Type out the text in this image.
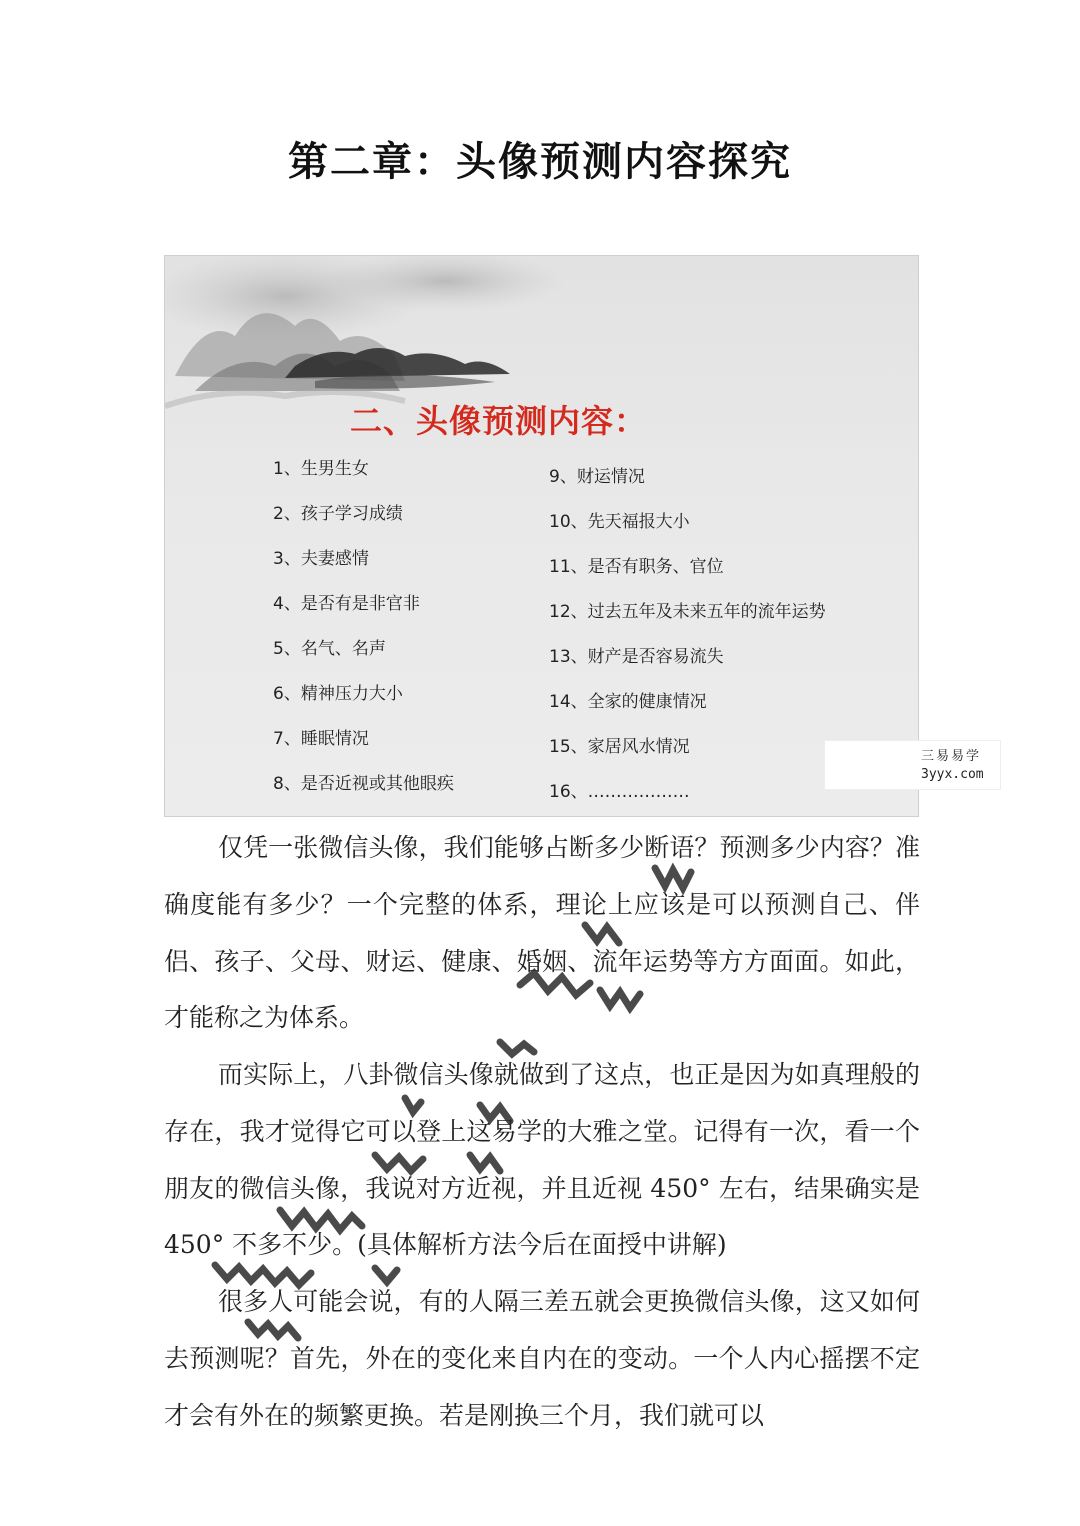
第二章：头像预测内容探究
二、头像预测内容：
1、生男生女
2、孩子学习成绩
3、夫妻感情
4、是否有是非官非
5、名气、名声
6、精神压力大小
7、睡眠情况
8、是否近视或其他眼疾
9、财运情况
10、先天福报大小
11、是否有职务、官位
12、过去五年及未来五年的流年运势
13、财产是否容易流失
14、全家的健康情况
15、家居风水情况
16、………………
三易易学
3yyx.com

仅凭一张微信头像，我们能够占断多少断语？预测多少内容？准确度能有多少？一个完整的体系，理论上应该是可以预测自己、伴侣、孩子、父母、财运、健康、婚姻、流年运势等方方面面。如此，才能称之为体系。

而实际上，八卦微信头像就做到了这点，也正是因为如真理般的存在，我才觉得它可以登上这易学的大雅之堂。记得有一次，看一个朋友的微信头像，我说对方近视，并且近视 450° 左右，结果确实是 450° 不多不少。(具体解析方法今后在面授中讲解)

很多人可能会说，有的人隔三差五就会更换微信头像，这又如何去预测呢？首先，外在的变化来自内在的变动。一个人内心摇摆不定才会有外在的频繁更换。若是刚换三个月，我们就可以
